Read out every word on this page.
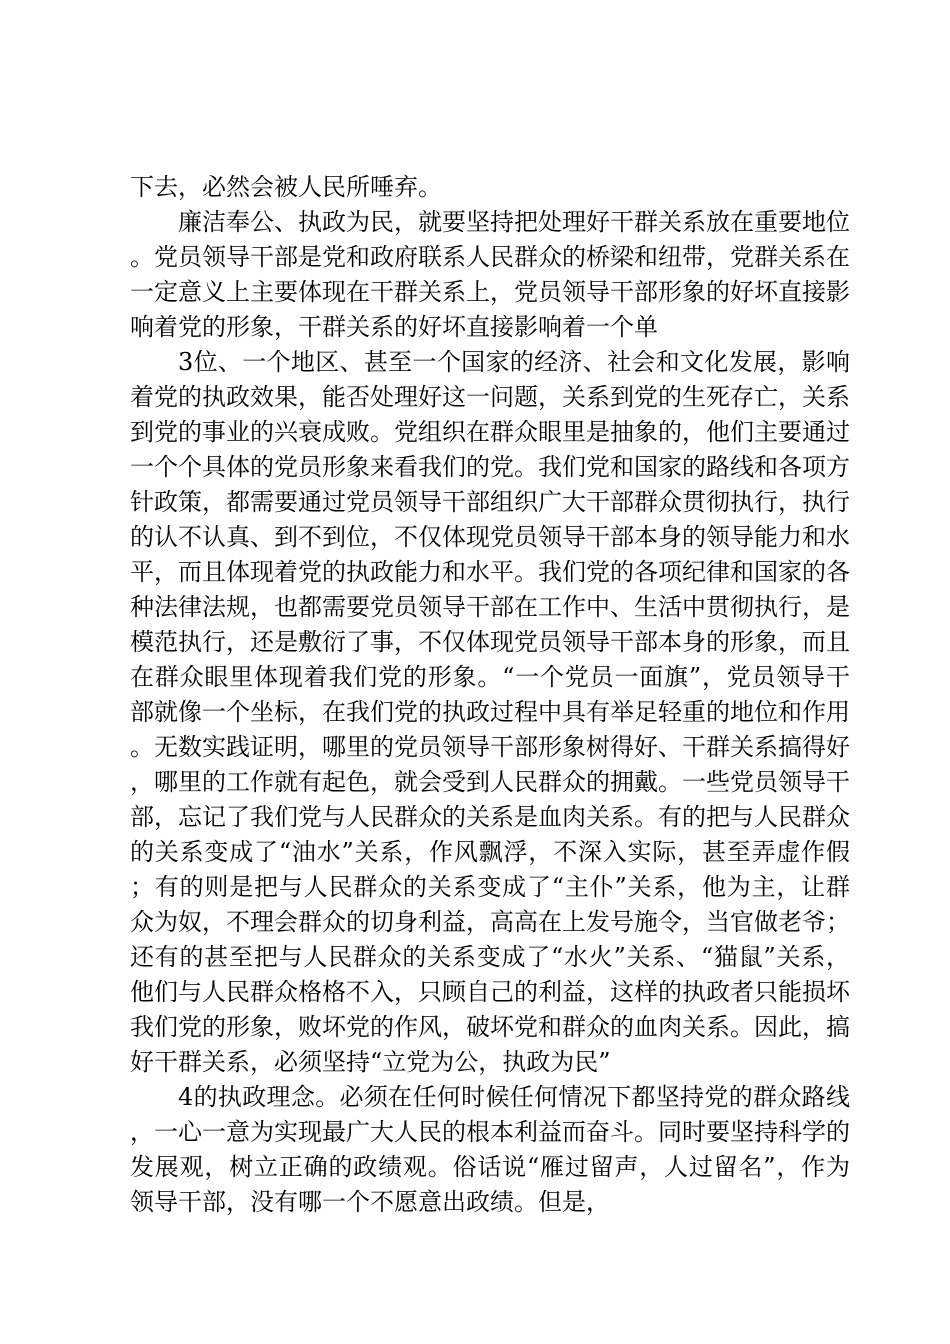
下去，必然会被人民所唾弃。

廉洁奉公、执政为民，就要坚持把处理好干群关系放在重要地位。党员领导干部是党和政府联系人民群众的桥梁和纽带，党群关系在一定意义上主要体现在干群关系上，党员领导干部形象的好坏直接影响着党的形象，干群关系的好坏直接影响着一个单

3位、一个地区、甚至一个国家的经济、社会和文化发展，影响着党的执政效果，能否处理好这一问题，关系到党的生死存亡，关系到党的事业的兴衰成败。党组织在群众眼里是抽象的，他们主要通过一个个具体的党员形象来看我们的党。我们党和国家的路线和各项方针政策，都需要通过党员领导干部组织广大干部群众贯彻执行，执行的认不认真、到不到位，不仅体现党员领导干部本身的领导能力和水平，而且体现着党的执政能力和水平。我们党的各项纪律和国家的各种法律法规，也都需要党员领导干部在工作中、生活中贯彻执行，是模范执行，还是敷衍了事，不仅体现党员领导干部本身的形象，而且在群众眼里体现着我们党的形象。“一个党员一面旗”，党员领导干部就像一个坐标，在我们党的执政过程中具有举足轻重的地位和作用。无数实践证明，哪里的党员领导干部形象树得好、干群关系搞得好，哪里的工作就有起色，就会受到人民群众的拥戴。一些党员领导干部，忘记了我们党与人民群众的关系是血肉关系。有的把与人民群众的关系变成了“油水”关系，作风飘浮，不深入实际，甚至弄虚作假；有的则是把与人民群众的关系变成了“主仆”关系，他为主，让群众为奴，不理会群众的切身利益，高高在上发号施令，当官做老爷；还有的甚至把与人民群众的关系变成了“水火”关系、“猫鼠”关系，他们与人民群众格格不入，只顾自己的利益，这样的执政者只能损坏我们党的形象，败坏党的作风，破坏党和群众的血肉关系。因此，搞好干群关系，必须坚持“立党为公，执政为民”

4的执政理念。必须在任何时候任何情况下都坚持党的群众路线，一心一意为实现最广大人民的根本利益而奋斗。同时要坚持科学的发展观，树立正确的政绩观。俗话说“雁过留声，人过留名”，作为领导干部，没有哪一个不愿意出政绩。但是，
